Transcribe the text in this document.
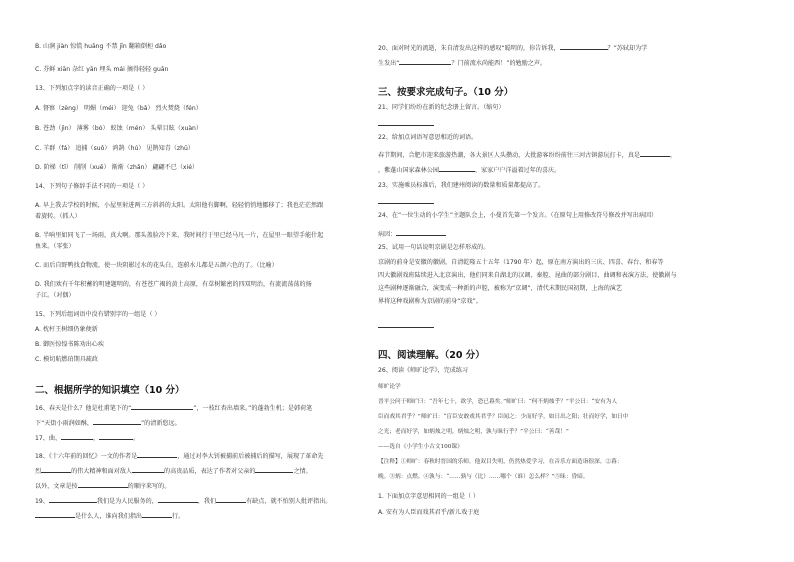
B. 山涧 jiàn 惊慌 huāng 不禁 jīn 翻箱倒柜 dǎo
C. 芬鲜 xiān 杂红 yān 埋头 mái 摘得轻轻 guān
13、下列加点字的读音正确的一项是（ ）
A. 督察（zèng） 明媚（méi） 迎兔（bǎ） 烈火焚烧（fén）
B. 苍劲（jìn） 薄雾（bó） 蚁蚀（mén） 头晕目眩（xuàn）
C. 羊群（fá） 追捕（suǒ） 鸿鹄（hú） 见鹊知青（zhū）
D. 阶梯（tī） 削削（xuē） 渐渐（zhǎn） 翩翩不已（xié）
14、下列句子修辞手法不同的一项是（ ）
A. 早上我去学校的时候，小屋里射进两三方斜斜的太阳。太阳他有脚啊，轻轻悄悄地挪移了；我也茫茫然跟
着旋转。（抓人）
B. 半响里如同飞了一场雨，真大啊。那头盖脸冷下来，我时间行于里已经马凡一片，在屋里一眼望手能什起
鱼来。（零张）
C. 而后自野鸭找食物流，使一块阴影过水的花头白，连蔚水儿都是五颜六色的了。（比喻）
D. 我们欢有千年积蓄的明建题明的，有苍苍广褐的黄土高原，有草树繁密的四双明治，有流流荡荡的扬
子江。（对偶）
15、下列后组词语中没有错别字的一组是（ ）
A. 枕杆王树细仍象便新
B. 御医惊惶书陈劝出心疾
C. 模切航燃珀期具疏政
二、根据所学的知识填空（10 分）
16、春天是什么？他是杜甫笔下的“	”，一枝红杏出墙来。”的蓬勃生机；是韩荷笔
下“天街小雨润如酥，	”的清新悠远。
17、曲、	，	。
18、《十六年前的回忆》一文的作者是	，通过对李大钊被捕前后被捕后的描写，展现了革命先
烈	的伟大精神和面对敌人	的高贵品质，表达了作者对父亲的	之情。
以外，文章是按	的顺序来写的。
19、	我们是为人民服务的，	，我们	有缺点，就不怕别人批评指出。
是什么人，谁向我们指出	行。
20、面对时光的流逝，朱自清发出这样的感叹“聪明的，你告诉我，	？”苏轼却为学
生发出“	？门前流水尚能西！”的勉励之声。
三、按要求完成句子。（10 分）
21、同学们纷纷在新的纪念册上留言。（缩句）
22、给加点词语写意思相近的词语。
春节期间，合肥市迎来旅游热潮，各大景区人头攒动，大批游客纷纷前往三河古镇游玩打卡，真是	，
，紫蓬山国家森林公园	，家家户户洋溢着过年的喜庆。
23、实施乘员标准后，我们建州阅读的数量和质量都提高了。
24、在“一位生动的小学生”主题队会上，小曼首先第一个发言。（在原句上用修改符号修改并写出病因）
病因：
25、试用一句话说明京剧是怎样形成的。
京剧的前身是安徽的徽剧，自清乾隆五十五年（1790 年）起，原在南方演出的三庆、四喜、春台、和春等
四大徽剧戏班陆续进入北京演出，他们同来自湖北的汉调、秦腔、昆曲的部分剧目、曲调和表演方法，使徽剧与
这些剧种逐渐融合，演变成一种新的声腔，被称为“京调”，清代末期民国初期，上海的演艺
界将这种戏剧称为京剧的前身“京戏”。
四、阅读理解。（20 分）
26、阅读《师旷论学》，完成练习
师旷论学
晋平公问于师旷曰：“吾年七十，欲学，恐已暮矣。”师旷曰：“何不炳烛乎？”平公曰：“安有为人
臣而戏其君乎？”师旷曰：“盲臣安敢戏其君乎？臣闻之：少而好学，如日出之阳；壮而好学，如日中
之光；老而好学，如炳烛之明。炳烛之明，孰与昧行乎？”平公曰：“善哉！”
——选自《小学生小古文100课》
【注释】①师旷：春秋时晋国的乐师。他双目失明，仍然热爱学习，在音乐方面造诣很深。②暮：
晚。③炳：点燃。④孰与：“……孰与（比）……哪个（谁）怎么样？”⑤昧：昏暗。
1. 下面加点字意思相同的一组是（ ）
A. 安有为人臣而戏其君乎/新儿戏于庭
